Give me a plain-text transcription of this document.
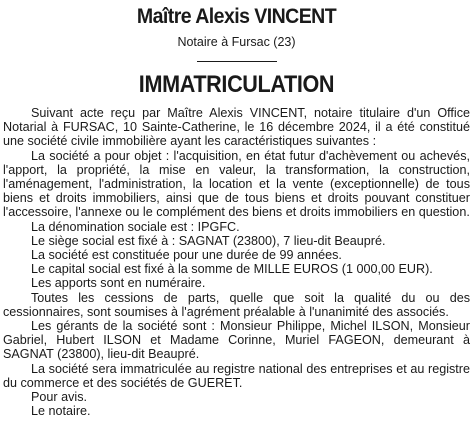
Maître Alexis VINCENT
Notaire à Fursac (23)
IMMATRICULATION

Suivant acte reçu par Maître Alexis VINCENT, notaire titulaire d'un Office Notarial à FURSAC, 10 Sainte-Catherine, le 16 décembre 2024, il a été constitué une société civile immobilière ayant les caractéristiques suivantes :

La société a pour objet : l'acquisition, en état futur d'achèvement ou achevés, l'apport, la propriété, la mise en valeur, la transformation, la construction, l'aménagement, l'administration, la location et la vente (exceptionnelle) de tous biens et droits immobiliers, ainsi que de tous biens et droits pouvant constituer l'accessoire, l'annexe ou le complément des biens et droits immobiliers en question.

La dénomination sociale est : IPGFC.

Le siège social est fixé à : SAGNAT (23800), 7 lieu-dit Beaupré.

La société est constituée pour une durée de 99 années.

Le capital social est fixé à la somme de MILLE EUROS (1 000,00 EUR).

Les apports sont en numéraire.

Toutes les cessions de parts, quelle que soit la qualité du ou des cessionnaires, sont soumises à l'agrément préalable à l'unanimité des associés.

Les gérants de la société sont : Monsieur Philippe, Michel ILSON, Monsieur Gabriel, Hubert ILSON et Madame Corinne, Muriel FAGEON, demeurant à SAGNAT (23800), lieu-dit Beaupré.

La société sera immatriculée au registre national des entreprises et au registre du commerce et des sociétés de GUERET.

Pour avis.

Le notaire.
